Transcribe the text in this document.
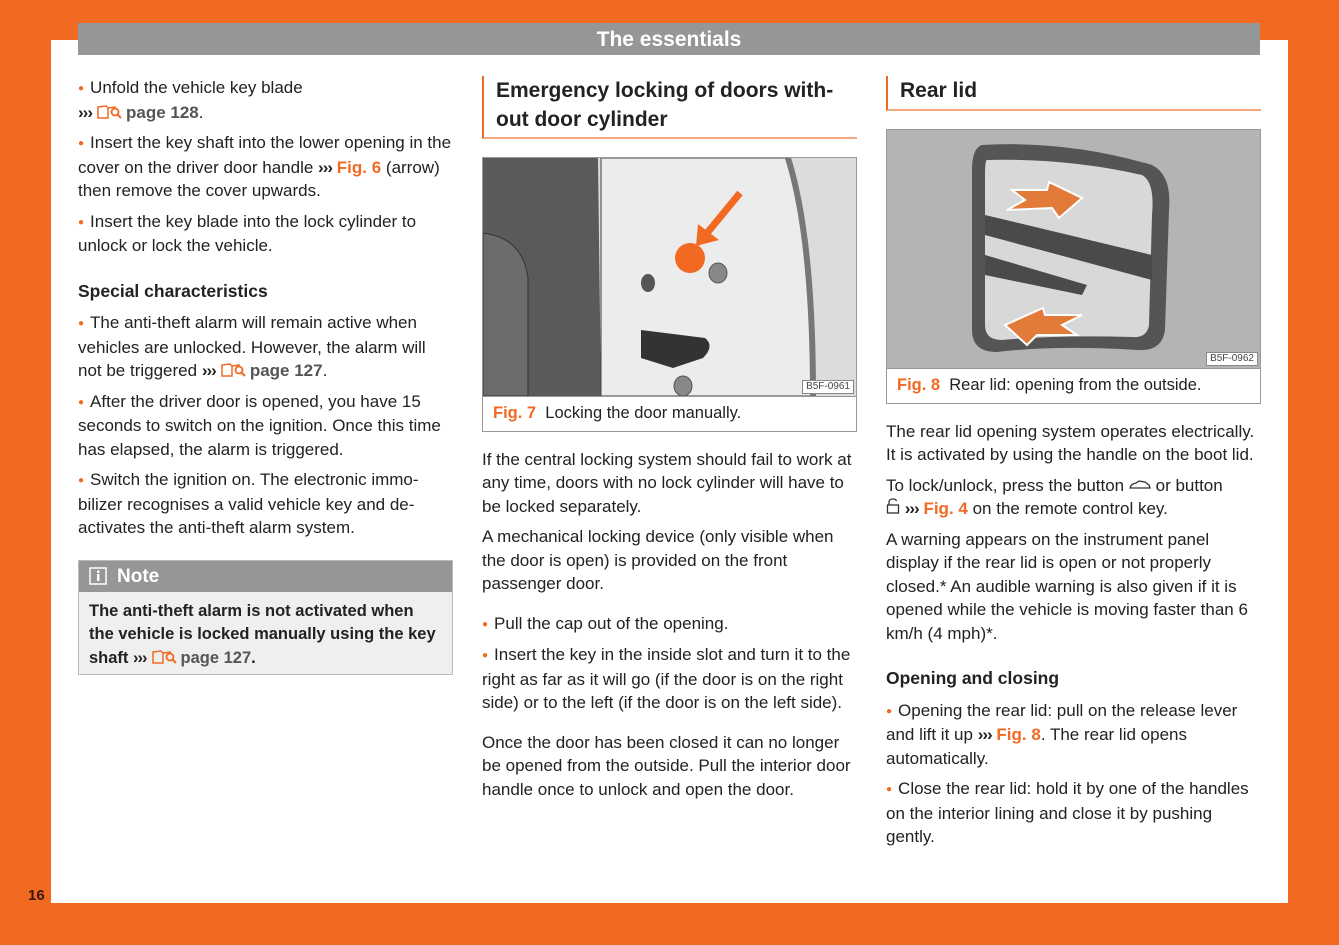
The essentials
16

● Unfold the vehicle key blade
››› page 128.

● Insert the key shaft into the lower opening in the cover on the driver door handle ››› Fig. 6 (arrow) then remove the cover upwards.

● Insert the key blade into the lock cylinder to unlock or lock the vehicle.

Special characteristics

● The anti-theft alarm will remain active when vehicles are unlocked. However, the alarm will not be triggered ››› page 127.

● After the driver door is opened, you have 15 seconds to switch on the ignition. Once this time has elapsed, the alarm is triggered.

● Switch the ignition on. The electronic immobilizer recognises a valid vehicle key and deactivates the anti-theft alarm system.

Note
The anti-theft alarm is not activated when the vehicle is locked manually using the key shaft ››› page 127.
Emergency locking of doors without door cylinder
B5F-0961
Fig. 7 Locking the door manually.

If the central locking system should fail to work at any time, doors with no lock cylinder will have to be locked separately.

A mechanical locking device (only visible when the door is open) is provided on the front passenger door.

● Pull the cap out of the opening.

● Insert the key in the inside slot and turn it to the right as far as it will go (if the door is on the right side) or to the left (if the door is on the left side).

Once the door has been closed it can no longer be opened from the outside. Pull the interior door handle once to unlock and open the door.

Rear lid
B5F-0962
Fig. 8 Rear lid: opening from the outside.

The rear lid opening system operates electrically. It is activated by using the handle on the boot lid.

To lock/unlock, press the button or button
››› Fig. 4 on the remote control key.

A warning appears on the instrument panel display if the rear lid is open or not properly closed.* An audible warning is also given if it is opened while the vehicle is moving faster than 6 km/h (4 mph)*.

Opening and closing

● Opening the rear lid: pull on the release lever and lift it up ››› Fig. 8. The rear lid opens automatically.

● Close the rear lid: hold it by one of the handles on the interior lining and close it by pushing gently.
